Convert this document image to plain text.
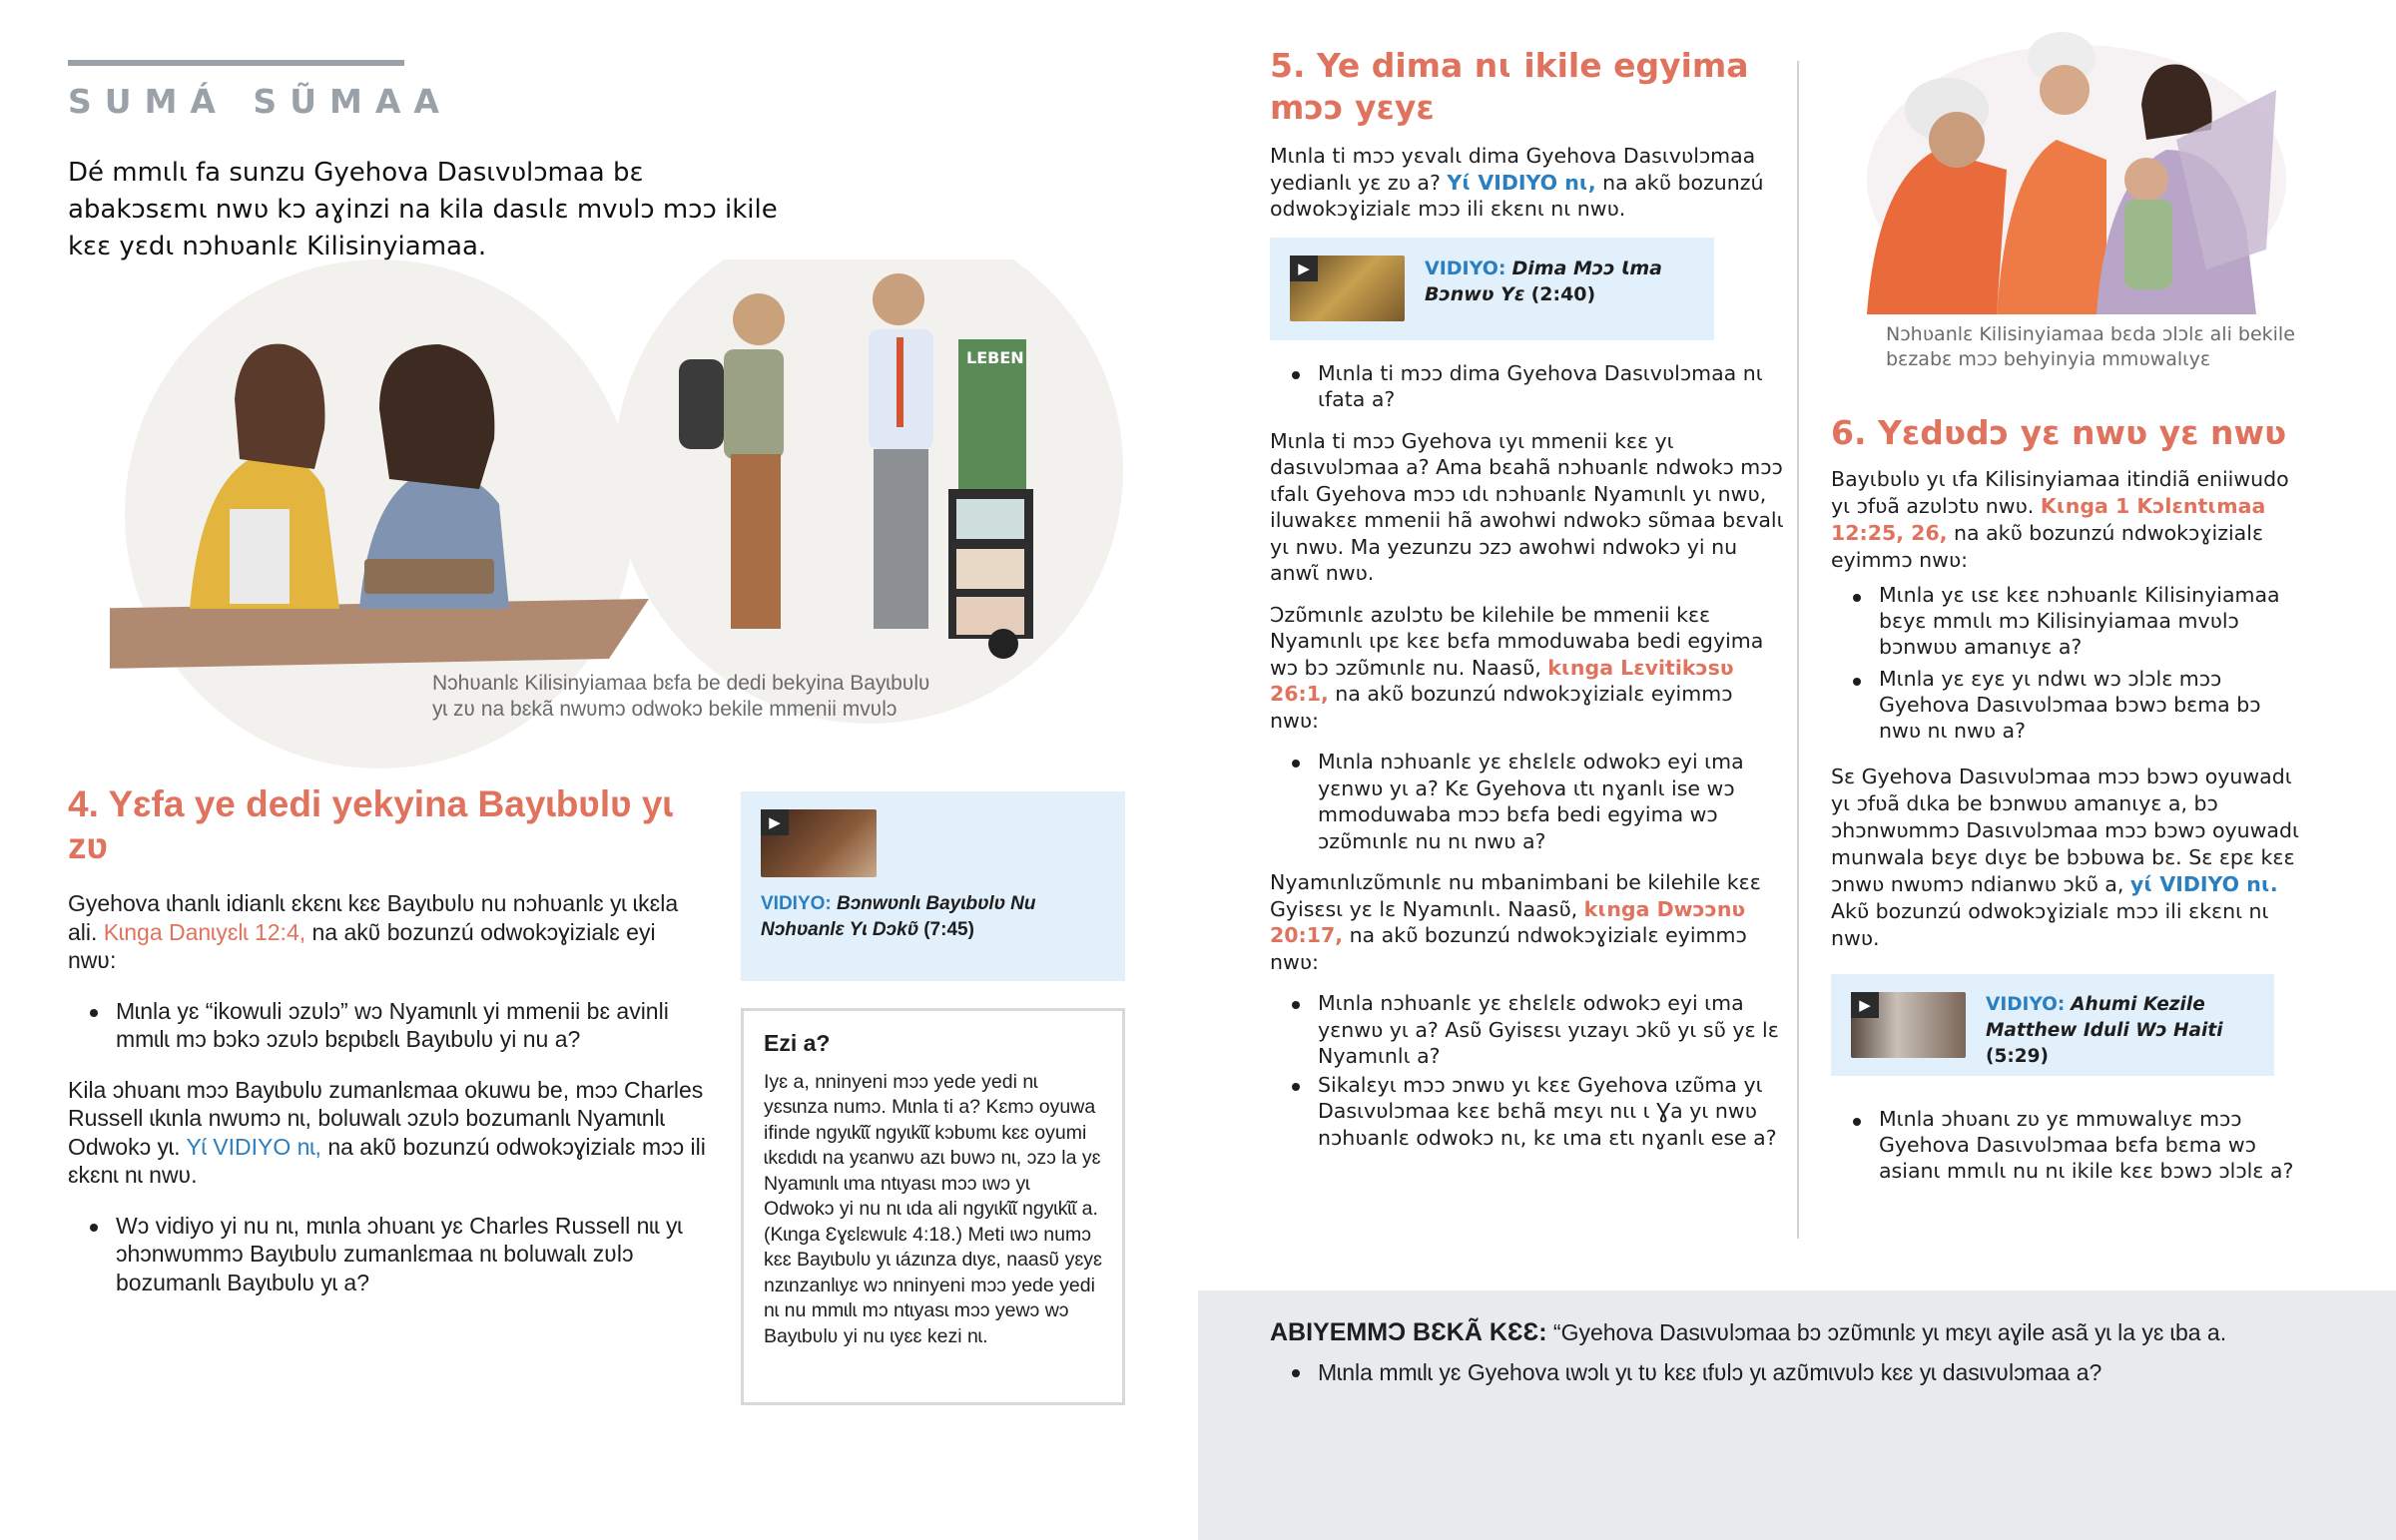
SUMÁ SŨMAA
Dé mmɩlɩ fa sunzu Gyehova Dasɩvʋlɔmaa bɛ abakɔsɛmɩ nwʋ kɔ aɣinzi na kila dasɩlɛ mvʋlɔ mɔɔ ikile kɛɛ yɛdɩ nɔhʋanlɛ Kilisinyiamaa.
LEBEN
Nɔhʋanlɛ Kilisinyiamaa bɛfa be dedi bekyina Bayɩbʋlʋ
yɩ zʋ na bɛkã nwʋmɔ odwokɔ bekile mmenii mvʋlɔ
4. Yɛfa ye dedi yekyina Bayɩbʋlʋ yɩ zʋ

Gyehova ɩhanlɩ idianlɩ ɛkɛnɩ kɛɛ Bayɩbʋlʋ nu nɔhʋanlɛ yɩ ɩkɛla ali. Kɩnga Danɩyɛlɩ 12:4, na akʋ̃ bozunzú odwokɔɣizialɛ eyi nwʋ:

Mɩnla yɛ “ikowuli ɔzʋlɔ” wɔ Nyamɩnlɩ yi mmenii bɛ avinli mmɩlɩ mɔ bɔkɔ ɔzʋlɔ bɛpɩbɛlɩ Bayɩbʋlʋ yi nu a?

Kila ɔhʋanɩ mɔɔ Bayɩbʋlʋ zumanlɛmaa okuwu be, mɔɔ Charles Russell ɩkɩnla nwʋmɔ nɩ, boluwalɩ ɔzʋlɔ bozumanlɩ Nyamɩnlɩ Odwokɔ yɩ. Yɩ́ VIDIYO nɩ, na akʋ̃ bozunzú odwokɔɣizialɛ mɔɔ ili ɛkɛnɩ nɩ nwʋ.

Wɔ vidiyo yi nu nɩ, mɩnla ɔhʋanɩ yɛ Charles Russell nɩɩ yɩ ɔhɔnwʋmmɔ Bayɩbʋlʋ zumanlɛmaa nɩ boluwalɩ zʋlɔ bozumanlɩ Bayɩbʋlʋ yɩ a?
▶
VIDIYO: Bɔnwʋnlɩ Bayɩbʋlʋ Nu Nɔhʋanlɛ Yɩ Dɔkʋ̃ (7:45)
Ezi a?
Iyɛ a, nninyeni mɔɔ yede yedi nɩ yɛsɩnza numɔ. Mɩnla ti a? Kɛmɔ oyuwa ifinde ngyɩkɩ̃ɩ̃ ngyɩkɩ̃ɩ̃ kɔbʋmɩ kɛɛ oyumi ɩkɛdɩdɩ na yɛanwʋ azɩ bʋwɔ nɩ, ɔzɔ la yɛ Nyamɩnlɩ ɩma ntɩyasɩ mɔɔ ɩwɔ yɩ Odwokɔ yi nu nɩ ɩda ali ngyɩkɩ̃ɩ̃ ngyɩkɩ̃ɩ̃ a. (Kɩnga Ɛɣɛlɛwulɛ 4:18.) Meti ɩwɔ numɔ kɛɛ Bayɩbʋlʋ yɩ ɩázɩnza dɩyɛ, naasʋ̃ yɛyɛ nzɩnzanlɩyɛ wɔ nninyeni mɔɔ yede yedi nɩ nu mmɩlɩ mɔ ntɩyasɩ mɔɔ yewɔ wɔ Bayɩbʋlʋ yi nu ɩyɛɛ kezi nɩ.
5. Ye dima nɩ ikile egyima mɔɔ yɛyɛ

Mɩnla ti mɔɔ yɛvalɩ dima Gyehova Dasɩvʋlɔmaa yedianlɩ yɛ zʋ a? Yɩ́ VIDIYO nɩ, na akʋ̃ bozunzú odwokɔɣizialɛ mɔɔ ili ɛkɛnɩ nɩ nwʋ.

▶	VIDIYO: Dima Mɔɔ Ɩma Bɔnwʋ Yɛ (2:40)
Mɩnla ti mɔɔ dima Gyehova Dasɩvʋlɔmaa nɩ ɩfata a?

Mɩnla ti mɔɔ Gyehova ɩyɩ mmenii kɛɛ yɩ dasɩvʋlɔmaa a? Ama bɛahã nɔhʋanlɛ ndwokɔ mɔɔ ɩfalɩ Gyehova mɔɔ ɩdɩ nɔhʋanlɛ Nyamɩnlɩ yɩ nwʋ, iluwakɛɛ mmenii hã awohwi ndwokɔ sʋ̃maa bɛvalɩ yɩ nwʋ. Ma yezunzu ɔzɔ awohwi ndwokɔ yi nu anwɩ̃ nwʋ.

Ɔzʋ̃mɩnlɛ azʋlɔtʋ be kilehile be mmenii kɛɛ Nyamɩnlɩ ɩpɛ kɛɛ bɛfa mmoduwaba bedi egyima wɔ bɔ ɔzʋ̃mɩnlɛ nu. Naasʋ̃, kɩnga Lɛvitikɔsʋ 26:1, na akʋ̃ bozunzú ndwokɔɣizialɛ eyimmɔ nwʋ:

Mɩnla nɔhʋanlɛ yɛ ɛhɛlɛlɛ odwokɔ eyi ɩma yɛnwʋ yɩ a? Kɛ Gyehova ɩtɩ nɣanlɩ ise wɔ mmoduwaba mɔɔ bɛfa bedi egyima wɔ ɔzʋ̃mɩnlɛ nu nɩ nwʋ a?

Nyamɩnlɩzʋ̃mɩnlɛ nu mbanimbani be kilehile kɛɛ Gyisɛsɩ yɛ lɛ Nyamɩnlɩ. Naasʋ̃, kɩnga Dwɔɔnʋ 20:17, na akʋ̃ bozunzú ndwokɔɣizialɛ eyimmɔ nwʋ:

Mɩnla nɔhʋanlɛ yɛ ɛhɛlɛlɛ odwokɔ eyi ɩma yɛnwʋ yɩ a? Asʋ̃ Gyisɛsɩ yɩzayɩ ɔkʋ̃ yɩ sʋ̃ yɛ lɛ Nyamɩnlɩ a?
Sikalɛyɩ mɔɔ ɔnwʋ yɩ kɛɛ Gyehova ɩzʋ̃ma yɩ Dasɩvʋlɔmaa kɛɛ bɛhã mɛyɩ nɩɩ ɩ Ɣa yɩ nwʋ nɔhʋanlɛ odwokɔ nɩ, kɛ ɩma ɛtɩ nɣanlɩ ese a?
Nɔhʋanlɛ Kilisinyiamaa bɛda ɔlɔlɛ ali bekile
bɛzabɛ mɔɔ behyinyia mmʋwalɩyɛ
6. Yɛdʋdɔ yɛ nwʋ yɛ nwʋ

Bayɩbʋlʋ yɩ ɩfa Kilisinyiamaa itindiã eniiwudo yɩ ɔfʋã azʋlɔtʋ nwʋ. Kɩnga 1 Kɔlɛntɩmaa 12:25, 26, na akʋ̃ bozunzú ndwokɔɣizialɛ eyimmɔ nwʋ:

Mɩnla yɛ ɩsɛ kɛɛ nɔhʋanlɛ Kilisinyiamaa bɛyɛ mmɩlɩ mɔ Kilisinyiamaa mvʋlɔ bɔnwʋʋ amanɩyɛ a?
Mɩnla yɛ ɛyɛ yɩ ndwɩ wɔ ɔlɔlɛ mɔɔ Gyehova Dasɩvʋlɔmaa bɔwɔ bɛma bɔ nwʋ nɩ nwʋ a?

Sɛ Gyehova Dasɩvʋlɔmaa mɔɔ bɔwɔ oyuwadɩ yɩ ɔfʋã dɩka be bɔnwʋʋ amanɩyɛ a, bɔ ɔhɔnwʋmmɔ Dasɩvʋlɔmaa mɔɔ bɔwɔ oyuwadɩ munwala bɛyɛ dɩyɛ be bɔbʋwa bɛ. Sɛ ɛpɛ kɛɛ ɔnwʋ nwʋmɔ ndianwʋ ɔkʋ̃ a, yɩ́ VIDIYO nɩ. Akʋ̃ bozunzú odwokɔɣizialɛ mɔɔ ili ɛkɛnɩ nɩ nwʋ.

▶	VIDIYO: Ahumi Kezile Matthew Iduli Wɔ Haiti (5:29)
Mɩnla ɔhʋanɩ zʋ yɛ mmʋwalɩyɛ mɔɔ Gyehova Dasɩvʋlɔmaa bɛfa bɛma wɔ asianɩ mmɩlɩ nu nɩ ikile kɛɛ bɔwɔ ɔlɔlɛ a?
ABIYEMMƆ BƐKÃ KƐƐ: “Gyehova Dasɩvʋlɔmaa bɔ ɔzʋ̃mɩnlɛ yɩ mɛyɩ aɣile asã yɩ la yɛ ɩba a.
Mɩnla mmɩlɩ yɛ Gyehova ɩwɔlɩ yɩ tʋ kɛɛ ɩfʋlɔ yɩ azʋ̃mɩvʋlɔ kɛɛ yɩ dasɩvʋlɔmaa a?
